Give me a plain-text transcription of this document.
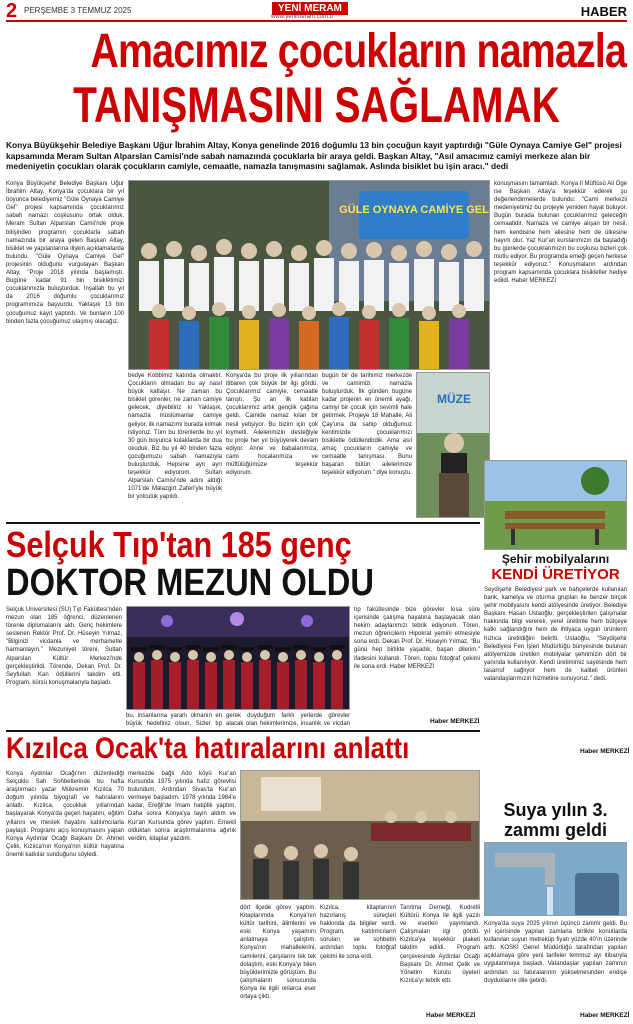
2 PERŞEMBE 3 TEMMUZ 2025	YENİ MERAM
www.yenimeram.com.tr	HABER
Amacımız çocukların namazla
TANIŞMASINI SAĞLAMAK
Konya Büyükşehir Belediye Başkanı Uğur İbrahim Altay, Konya genelinde 2016 doğumlu 13 bin çocuğun kayıt yaptırdığı "Güle Oynaya Camiye Gel" projesi kapsamında Meram Sultan Alparslan Camisi'nde sabah namazında çocuklarla bir araya geldi. Başkan Altay, "Asıl amacımız camiyi merkeze alan bir medeniyetin çocukları olarak çocukların camiyle, cemaatle, namazla tanışmasını sağlamak. Aslında bisiklet bu işin aracı." dedi
Konya Büyükşehir Belediye Başkanı Uğur İbrahim Altay, Konya'da çocuklara bir yıl boyunca belediyemiz "Güle Oynaya Camiye Gel" projesi kapsamında çocuklarımız sabah namazı coşkusunu ortak olduk. Meram Sultan Alparslan Camii'nde proje bitişinden programın çocuklarla sabah namazında bir araya gelen Başkan Altay, bisiklet ve yapılanlarına ilişkin açıklamalarda bulundu. "Güle Oynaya Camiye Gel" projesinin olduğunu vurgulayan Başkan Altay, "Proje 2018 yılında başlamıştı. Bugüne kadar 91 bin bisikletimizi çocuklarımızla buluşturduk. İnşallah bu yıl da 2016 doğumlu çocuklarımız programımıza başvurdu. Yaklaşık 13 bin çocuğumuz kayıt yaptırdı. Ve bunların 100 binden fazla çocuğumuz ulaşmış olacağız.
GÜLE OYNAYA CAMİYE GEL
MÜZE
bedye Kobbimiz katında olmaktır. Çocukların olmadan bu ay nasıl büyük katlaşır. Ne zaman bu bisiklet görenler, ne zaman camiye gelecek, diyebiliriz ki Yaklaşık, namazla müslümanlar camiye geliyor, ilk namazımı burada kılmak istiyoruz. Tüm bu törenlerde bu yıl 30 gün boyunca kulaklarda bir dua okuduk. Biz bu yıl 40 binden fazla çocuğumuzu sabah namazıyla buluşturduk. Hepsine ayrı ayrı teşekkür ediyorum. Sultan Alparslan Camisi'nde adını aldığı 1071'de Malazgirt Zaferi'yle büyük bir yolculuk yapıldı.
Konya'da bu proje ilk yıllarından itibaren çok büyük bir ilgi gördü. Çocuklarımız camiyle, cemaatle tanıştı. Şu an ilk katılan çocuklarımız artık gençlik çağına geldi. Camide namaz kılan bir nesil yetişiyor. Bu bizim için çok kıymetli. Ailelerimizin desteğiyle bu proje her yıl büyüyerek devam ediyor. Anne ve babalarımıza, cami hocalarımıza ve müftülüğümüze teşekkür ediyorum.
bugün bir de tarihimiz merkezde ve camimizi namazla buluşturduk. İlk günden bugüne kadar projenin en önemli ayağı, camiyi bir çocuk için sevimli hale getirmek. Projeye 18 Mahalle, Ali Çay'una da sahip olduğumuz kentimizde çocuklarımızı bisikletle ödüllendirdik. Ama asıl amaç çocukların camiyle ve cemaatle tanışması. Bunu başaran bütün ailelerimize teşekkür ediyorum." diye konuştu.
konuşmasını tamamladı. Konya İl Müftüsü Ali Öge ise Başkan Altay'a teşekkür ederek şu değerlendirmelerde bulundu: "Cami merkezli medeniyetimiz bu projeyle yeniden hayat buluyor. Bugün burada bulunan çocuklarımız geleceğin cemaatidir. Namaza ve camiye alışan bir nesil, hem kendisine hem ailesine hem de ülkesine hayırlı olur. Yaz Kur'an kurslarımızın da başladığı bu günlerde çocuklarımızın bu coşkusu bizleri çok mutlu ediyor. Bu programda emeği geçen herkese teşekkür ediyoruz." Konuşmaların ardından program kapsamında çocuklara bisikletler hediye edildi. Haber MERKEZİ
Selçuk Tıp'tan 185 genç
DOKTOR MEZUN OLDU
Selçuk Üniversitesi (SÜ) Tıp Fakültesi'nden mezun olan 185 öğrenci, düzenlenen törenle diplomalarını aldı. Genç hekimlere seslenen Rektör Prof. Dr. Hüseyin Yılmaz, "Bilginizi vicdanla ve merhametle harmanlayın." Mezuniyet töreni, Sultan Alparslan Kültür Merkezi'nde gerçekleştirildi. Törende, Dekan Prof. Dr. Seyfullah Kan ödüllerini takdim etti. Program, kürsü konuşmalarıyla başladı.
bu, insanlarına yararlı olmanın en büyük hedefiniz olsun. Sizler tıp
gerek duyduğum farklı yerlerde görevler alacak olan hekimlerimize, insanlık ve vicdan
tıp fakültesinde bize görevler kısa süre içerisinde çalışma hayatına başlayacak olan hekim adaylarımızı tebrik ediyorum. Tören, mezun öğrencilerin Hipokrat yemini etmesiyle sona erdi. Dekan Prof. Dr. Hüseyin Yılmaz, "Bu günü hep birlikte yaşadık, başarı dilerim." ifadesini kullandı. Tören, toplu fotoğraf çekimi ile sona erdi. Haber MERKEZİ
Haber MERKEZİ
Şehir mobilyalarını
KENDİ ÜRETİYOR
Seydişehir Belediyesi park ve bahçelerde kullanılan bank, kamelya ve oturma grupları ile benzer birçok şehir mobilyasını kendi atölyesinde üretiyor. Belediye Başkanı Hasan Ustaoğlu, gerçekleştirilen çalışmalar hakkında bilgi vererek, yerel üretimle hem bütçeye katkı sağlandığını hem de ihtiyaca uygun ürünlerin hızlıca üretildiğini belirtti. Ustaoğlu, "Seydişehir Belediyesi Fen İşleri Müdürlüğü bünyesinde bulunan atölyemizde üretilen mobilyalar şehrimizin dört bir yanında kullanılıyor. Kendi üretimimiz sayesinde hem tasarruf sağlıyor hem de kaliteli ürünleri vatandaşlarımızın hizmetine sunuyoruz." dedi.
Haber MERKEZİ
Kızılca Ocak'ta hatıralarını anlattı
Konya Aydınlar Ocağı'nın düzenlediği Selçuklu Sah Sohbetlerinde bu hafta araştırmacı yazar Mükremin Kızılca 70 doğum yılında biyografi ve hatıralarını anlattı. Kızılca, çocukluk yıllarından başlayarak Konya'da geçen hayatını, eğitim yıllarını ve meslek hayatını katılımcılarla paylaştı. Programı açış konuşmasını yapan Konya Aydınlar Ocağı Başkanı Dr. Ahmet Çelik, Kızılca'nın Konya'nın kültür hayatına önemli katkılar sunduğunu söyledi.
merkezde bağlı Ado köyü Kur'an Kursunda 1975 yılında hafız görevlisi bulundum. Ardından Sivas'ta Kur'an vermeye başladım. 1978 yılında 1984'e kadar, Ereğli'de İmam hatiplik yaptım. Daha sonra Konya'ya tayin aldım ve Kur'an Kursunda görev yaptım. Emekli olduktan sonra araştırmalarıma ağırlık verdim, kitaplar yazdım.
dört ilçede görev yaptım. Kitaplarımda Konya'nın kültür tarihini, âlimlerini ve eski Konya yaşamını anlatmaya çalıştım. Konya'nın mahallelerini, camilerini, çarşılarını tek tek dolaştım, eski Konya'yı bilen büyüklerimizle görüştüm. Bu çalışmaların sonucunda Konya ile ilgili onlarca eser ortaya çıktı.
Kızılca, kitaplarının hazırlanış süreçleri hakkında da bilgiler verdi. Program, katılımcıların soruları ve sohbetin ardından toplu fotoğraf çekimi ile sona erdi.
Tanıtma Derneği, Kudretli Kültürü Konya ile ilgili yazılı ve eserleri yayımlandı. Çalışmaları ilgi gördü. Kızılca'ya teşekkür plaketi takdim edildi. Program çerçevesinde Aydınlar Ocağı Başkanı Dr. Ahmet Çelik ve Yönetim Kurulu üyeleri Kızılca'yı tebrik etti.
Haber MERKEZİ
Suya yılın 3.
zammı geldi
Konya'da suya 2025 yılının üçüncü zammı geldi. Bu yıl içerisinde yapılan zamlarla birlikte konutlarda kullanılan suyun metreküp fiyatı yüzde 40'ın üzerinde arttı. KOSKİ Genel Müdürlüğü tarafından yapılan açıklamaya göre yeni tarifeler temmuz ayı itibarıyla uygulanmaya başladı. Vatandaşlar yapılan zammın ardından su faturalarının yükselmesinden endişe duyduklarını dile getirdi.
Haber MERKEZİ
